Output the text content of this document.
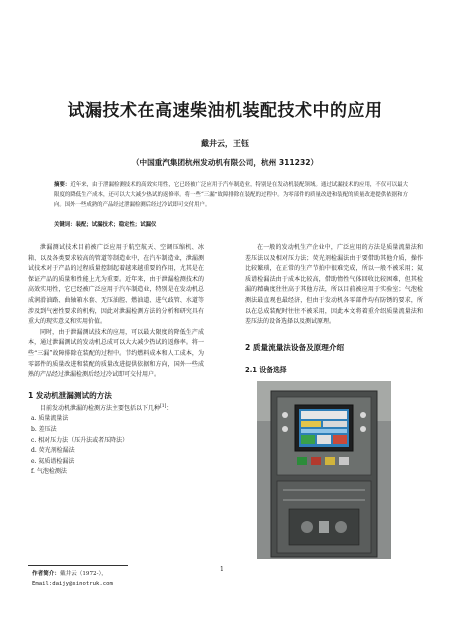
试漏技术在高速柴油机装配技术中的应用
戴井云，王钰
（中国重汽集团杭州发动机有限公司，杭州 311232）
摘要：近年来，由于泄漏检测技术的高效实用性，它已经被广泛应用于汽车制造业，特别是在发动机装配领域。通过试漏技术的应用，不仅可以最大限度的降低生产成本，还可以大大减少热试的返修率。将一些“三漏”故障排除在装配的过程中。为零部件的质量改进和装配的质量改进提供依据和方向。国外一些成熟的产品经过泄漏检测后经过冷试即可交付用户。
关键词：装配；试漏技术；稳定性；试漏仪

泄漏测试技术目前被广泛应用于航空航天、空调压缩机、冰箱、以及各类要求较高的管道等制造业中，在汽车制造业，泄漏测试技术对于产品的过程质量控制起着越来越重要的作用，尤其是在保证产品的质量和性能上尤为重要。近年来，由于泄漏检测技术的高效实用性，它已经被广泛应用于汽车制造业，特别是在发动机总成润滑油路、曲轴箱水套、无压油腔、燃油道、进气歧管、水道等涉及到气密性要求的机构，因此对泄漏检测方法的分析和研究具有重大的现实意义和实用价值。

同时，由于泄漏测试技术的应用，可以最大限度的降低生产成本，通过泄漏测试的发动机总成可以大大减少热试的返修率。将一些“三漏”故障排除在装配的过程中。节约燃料成本和人工成本，为零部件的质量改进和装配的质量改进提供依据和方向，国外一些成熟的产品经过泄漏检测后经过冷试即可交付用户。

1 发动机泄漏测试的方法

目前发动机泄漏的检测方法主要包括以下几种[1]：

a. 质量流量法
b. 差压法
c. 相对压力法（压升法或者压降法）
d. 荧光剂检漏法
e. 氦质谱检漏法
f. 气泡检测法

在一般的发动机生产企业中，广泛应用的方法是质量流量法和差压法以及相对压力法；荧光剂检漏法由于要借助其他介质，操作比较繁琐，在正常的生产节拍中很难完成，所以一般不被采用；氦质谱检漏法由于成本比较高，借助惰性气体回收比较困难，但其检漏的精确度往往高于其他方法，所以目前被应用于实验室；气泡检测法最直观也最经济，但由于发动机各零部件均有防锈的要求，所以在总成装配时往往不被采用，因此本文将着重介绍质量流量法和差压法的设备选择以及测试原理。

2 质量流量法设备及原理介绍
2.1 设备选择
1
作者简介：戴井云（1972-），
Email:daijy@sinotruk.com
